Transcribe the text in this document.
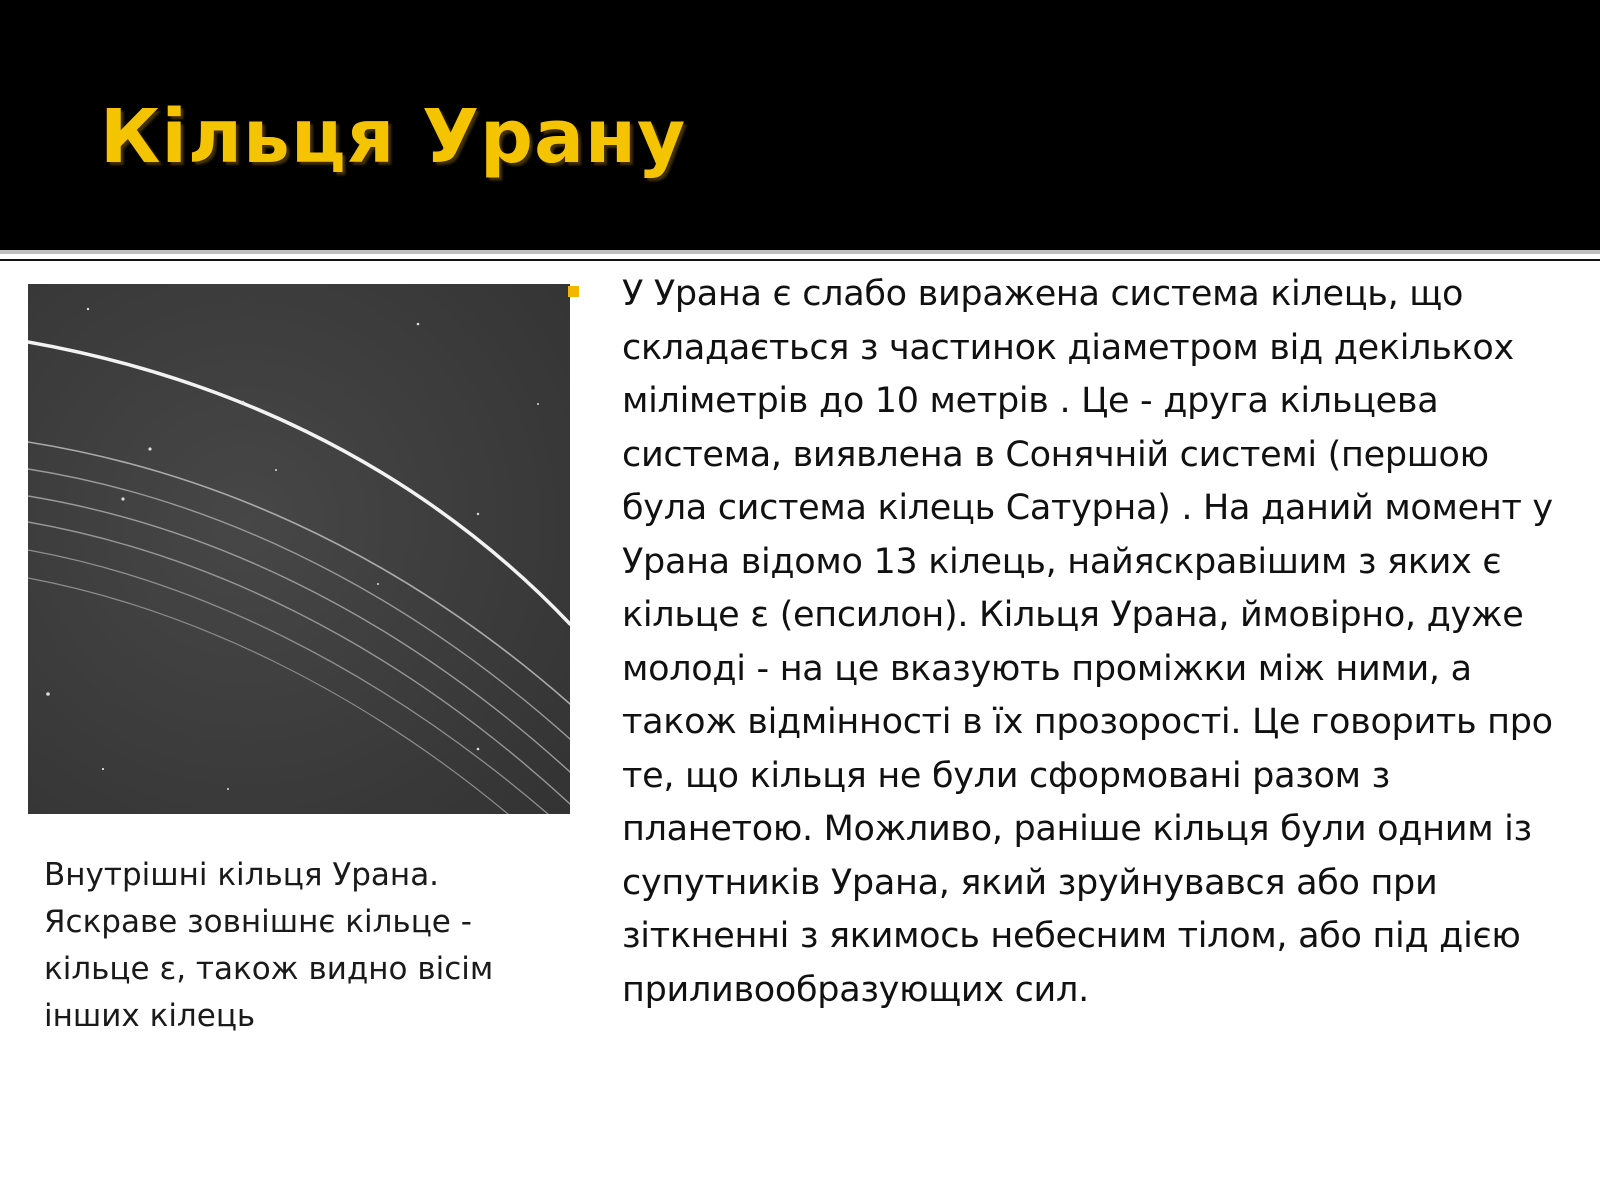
Кільця Урану

Внутрішні кільця Урана. Яскраве зовнішнє кільце - кільце ε, також видно вісім інших кілець

У Урана є слабо виражена система кілець, що складається з частинок діаметром від декількох міліметрів до 10 метрів . Це - друга кільцева система, виявлена в Сонячній системі (першою була система кілець Сатурна) . На даний момент у Урана відомо 13 кілець, найяскравішим з яких є кільце ε (епсилон). Кільця Урана, ймовірно, дуже молоді - на це вказують проміжки між ними, а також відмінності в їх прозорості. Це говорить про те, що кільця не були сформовані разом з планетою. Можливо, раніше кільця були одним із супутників Урана, який зруйнувався або при зіткненні з якимось небесним тілом, або під дією приливообразующих сил.
